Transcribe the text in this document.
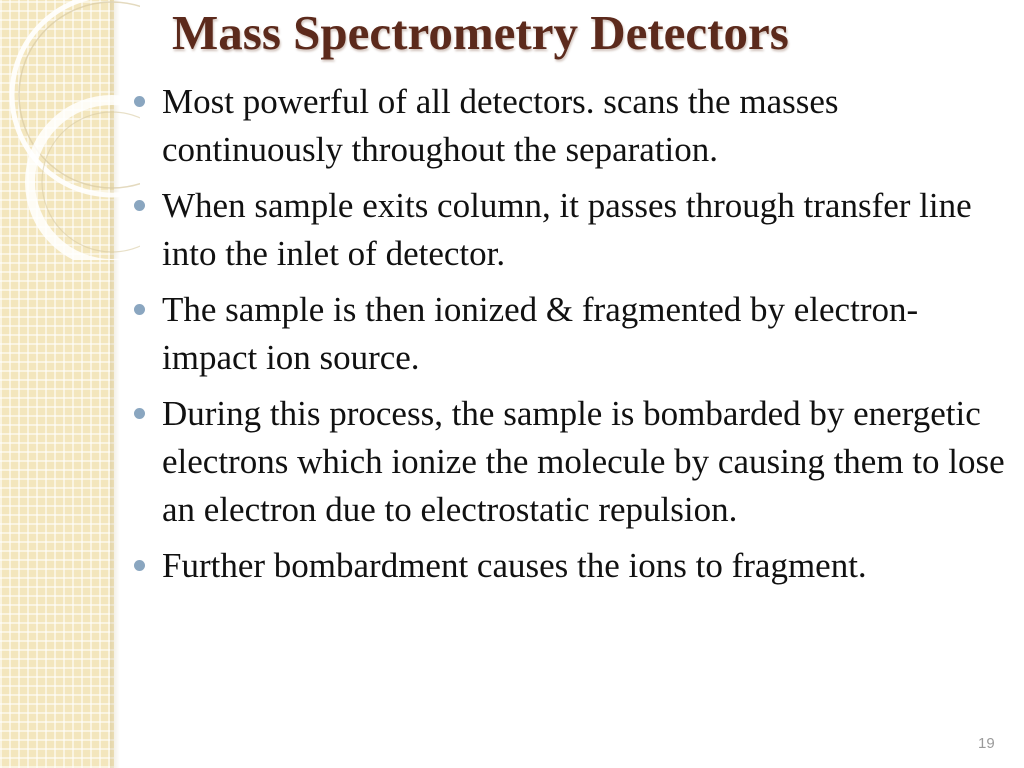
Mass Spectrometry Detectors
Most powerful of all detectors. scans the masses continuously throughout the separation.
When sample exits column, it passes through transfer line into the inlet of detector.
The sample is then ionized & fragmented by electron-impact ion source.
During this process, the sample is bombarded by energetic electrons which ionize the molecule by causing them to lose an electron due to electrostatic repulsion.
Further bombardment causes the ions to fragment.
19
